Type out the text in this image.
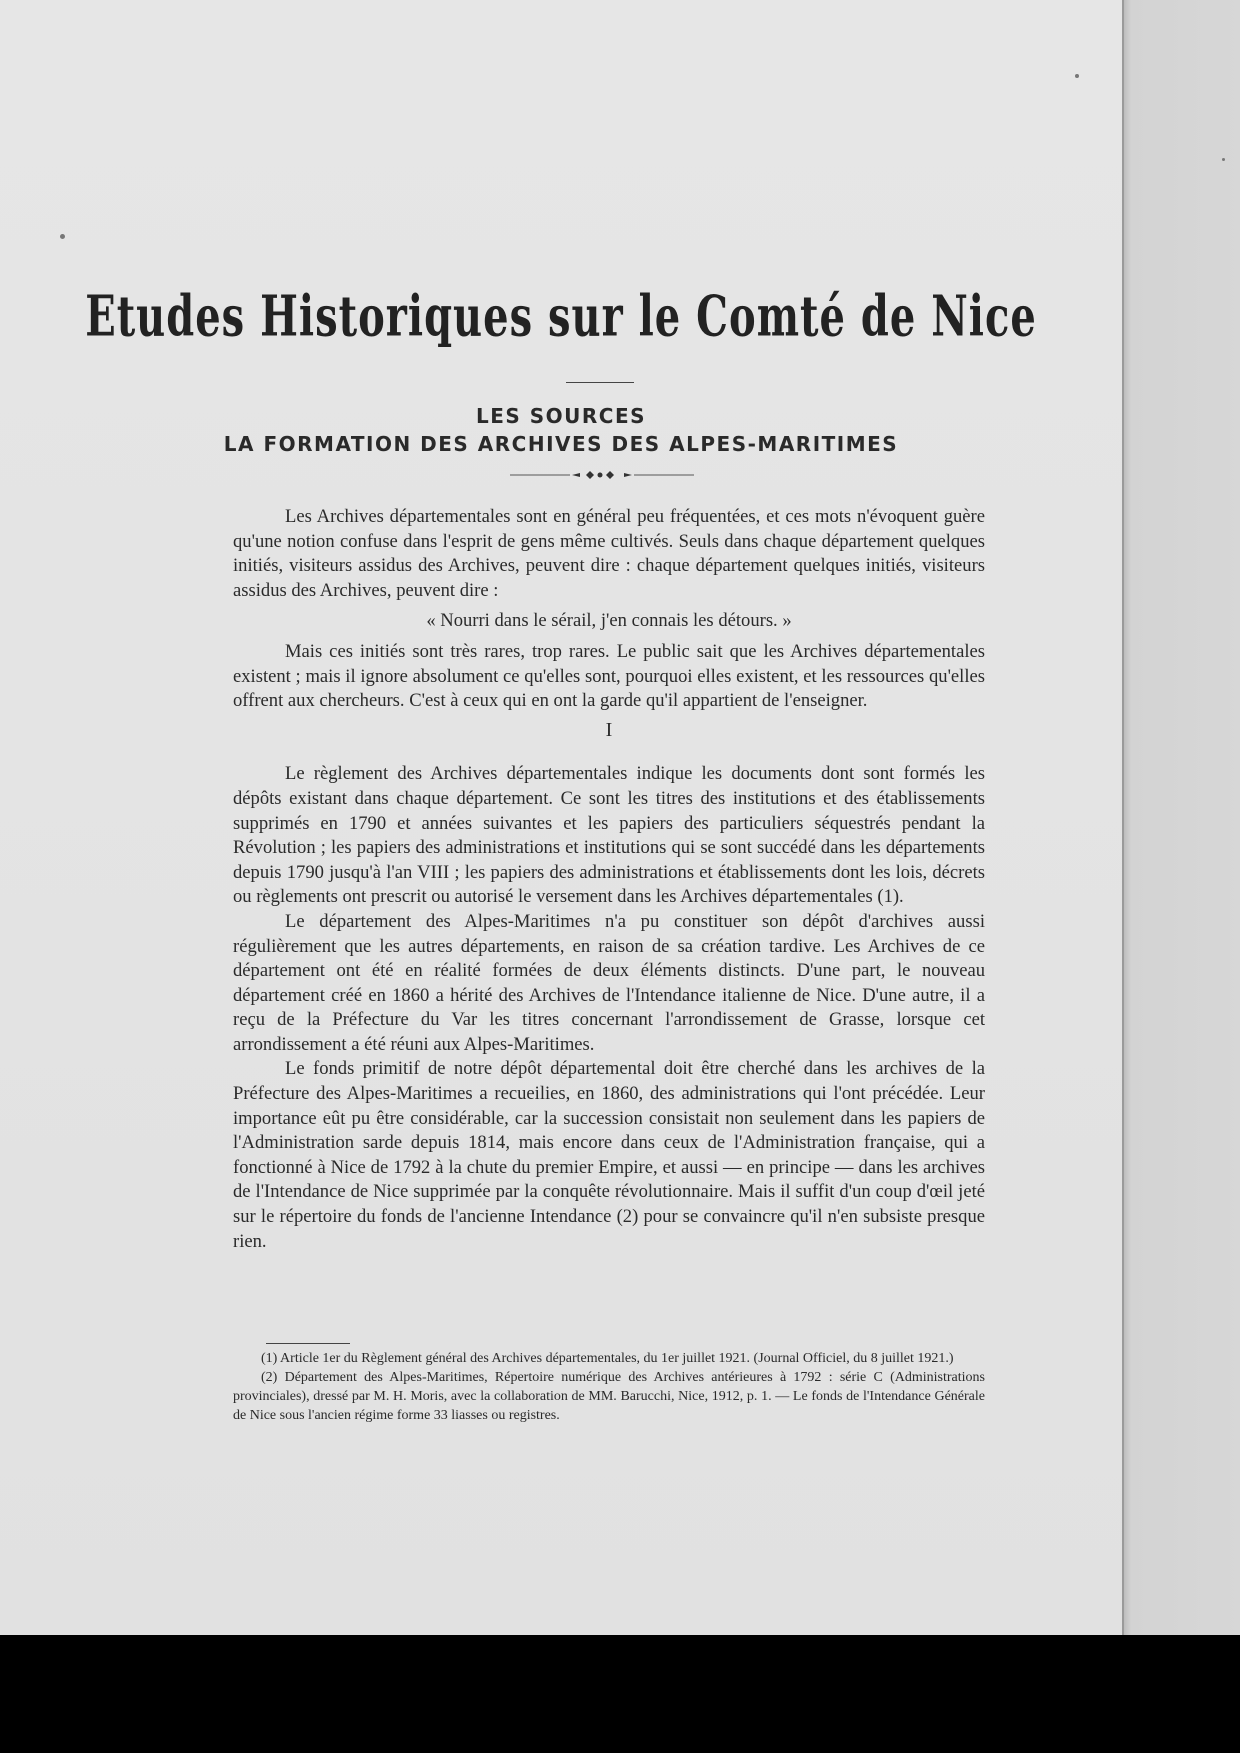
Etudes Historiques sur le Comté de Nice
LES SOURCES
LA FORMATION DES ARCHIVES DES ALPES-MARITIMES

Les Archives départementales sont en général peu fréquentées, et ces mots n'évoquent guère qu'une notion confuse dans l'esprit de gens même cultivés. Seuls dans chaque département quelques initiés, visiteurs assidus des Archives, peuvent dire : chaque département quelques initiés, visiteurs assidus des Archives, peuvent dire :

« Nourri dans le sérail, j'en connais les détours. »

Mais ces initiés sont très rares, trop rares. Le public sait que les Archives départementales existent ; mais il ignore absolument ce qu'elles sont, pourquoi elles existent, et les ressources qu'elles offrent aux chercheurs. C'est à ceux qui en ont la garde qu'il appartient de l'enseigner.

I

Le règlement des Archives départementales indique les documents dont sont formés les dépôts existant dans chaque département. Ce sont les titres des institutions et des établissements supprimés en 1790 et années suivantes et les papiers des particuliers séquestrés pendant la Révolution ; les papiers des administrations et institutions qui se sont succédé dans les départements depuis 1790 jusqu'à l'an VIII ; les papiers des administrations et établissements dont les lois, décrets ou règlements ont prescrit ou autorisé le versement dans les Archives départementales (1).

Le département des Alpes-Maritimes n'a pu constituer son dépôt d'archives aussi régulièrement que les autres départements, en raison de sa création tardive. Les Archives de ce département ont été en réalité formées de deux éléments distincts. D'une part, le nouveau département créé en 1860 a hérité des Archives de l'Intendance italienne de Nice. D'une autre, il a reçu de la Préfecture du Var les titres concernant l'arrondissement de Grasse, lorsque cet arrondissement a été réuni aux Alpes-Maritimes.

Le fonds primitif de notre dépôt départemental doit être cherché dans les archives de la Préfecture des Alpes-Maritimes a recueilies, en 1860, des administrations qui l'ont précédée. Leur importance eût pu être considérable, car la succession consistait non seulement dans les papiers de l'Administration sarde depuis 1814, mais encore dans ceux de l'Administration française, qui a fonctionné à Nice de 1792 à la chute du premier Empire, et aussi — en principe — dans les archives de l'Intendance de Nice supprimée par la conquête révolutionnaire. Mais il suffit d'un coup d'œil jeté sur le répertoire du fonds de l'ancienne Intendance (2) pour se convaincre qu'il n'en subsiste presque rien.

(1) Article 1er du Règlement général des Archives départementales, du 1er juillet 1921. (Journal Officiel, du 8 juillet 1921.)

(2) Département des Alpes-Maritimes, Répertoire numérique des Archives antérieures à 1792 : série C (Administrations provinciales), dressé par M. H. Moris, avec la collaboration de MM. Barucchi, Nice, 1912, p. 1. — Le fonds de l'Intendance Générale de Nice sous l'ancien régime forme 33 liasses ou registres.
